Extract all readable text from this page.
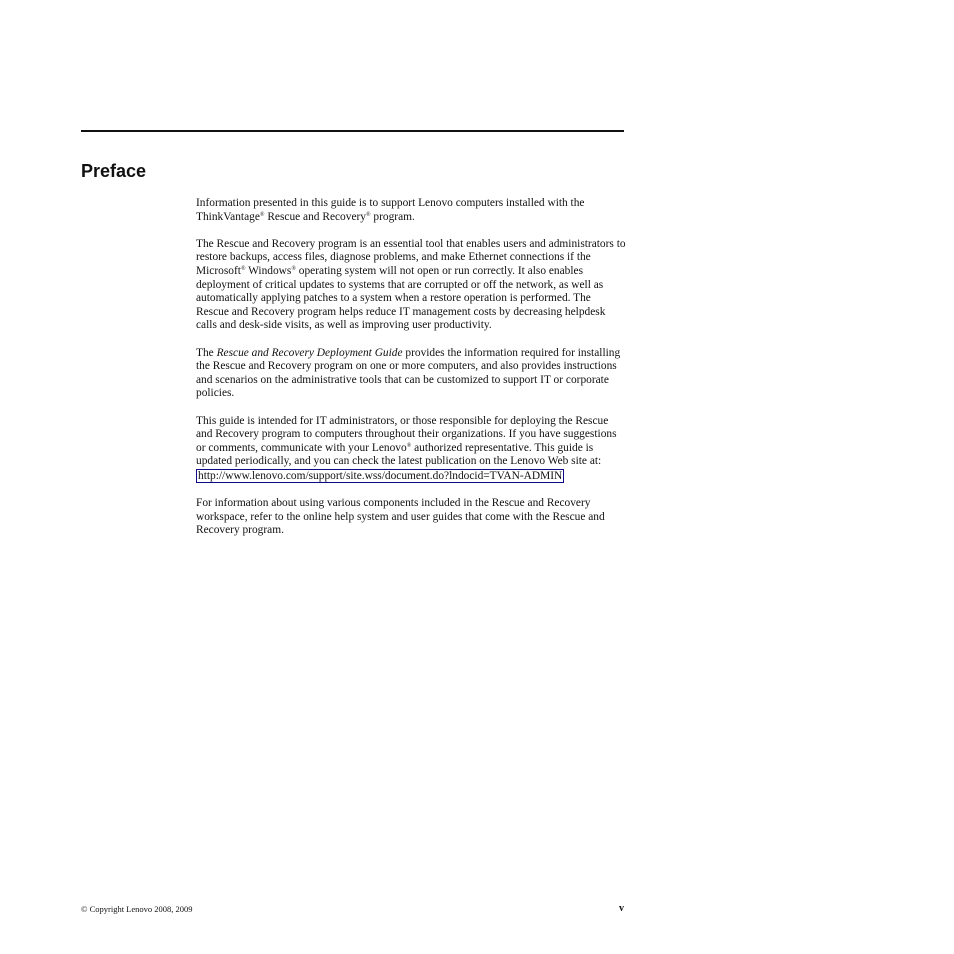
Preface

Information presented in this guide is to support Lenovo computers installed with the ThinkVantage® Rescue and Recovery® program.

The Rescue and Recovery program is an essential tool that enables users and administrators to restore backups, access files, diagnose problems, and make Ethernet connections if the Microsoft® Windows® operating system will not open or run correctly. It also enables deployment of critical updates to systems that are corrupted or off the network, as well as automatically applying patches to a system when a restore operation is performed. The Rescue and Recovery program helps reduce IT management costs by decreasing helpdesk calls and desk-side visits, as well as improving user productivity.

The Rescue and Recovery Deployment Guide provides the information required for installing the Rescue and Recovery program on one or more computers, and also provides instructions and scenarios on the administrative tools that can be customized to support IT or corporate policies.

This guide is intended for IT administrators, or those responsible for deploying the Rescue and Recovery program to computers throughout their organizations. If you have suggestions or comments, communicate with your Lenovo® authorized representative. This guide is updated periodically, and you can check the latest publication on the Lenovo Web site at:
http://www.lenovo.com/support/site.wss/document.do?lndocid=TVAN-ADMIN

For information about using various components included in the Rescue and Recovery workspace, refer to the online help system and user guides that come with the Rescue and Recovery program.

© Copyright Lenovo 2008, 2009	v
